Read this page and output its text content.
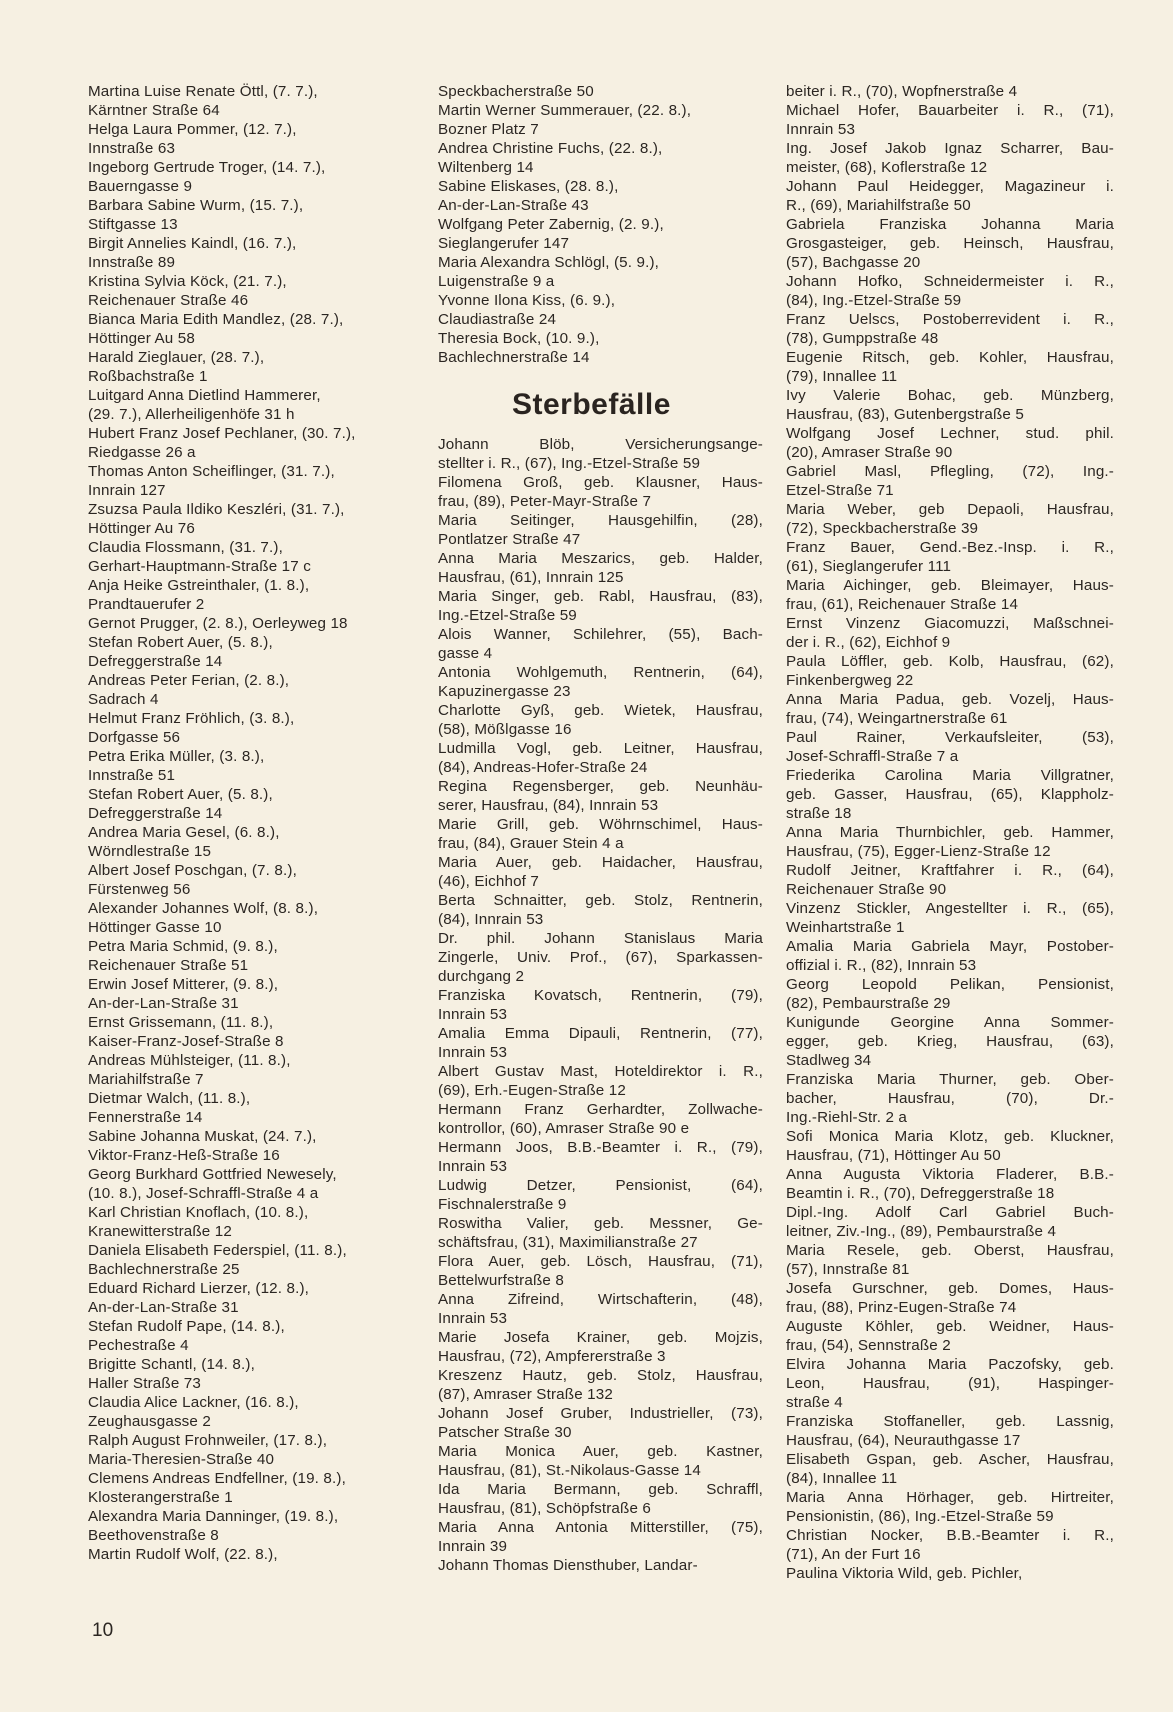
Martina Luise Renate Öttl, (7. 7.),
Kärntner Straße 64
Helga Laura Pommer, (12. 7.),
Innstraße 63
Ingeborg Gertrude Troger, (14. 7.),
Bauerngasse 9
Barbara Sabine Wurm, (15. 7.),
Stiftgasse 13
Birgit Annelies Kaindl, (16. 7.),
Innstraße 89
Kristina Sylvia Köck, (21. 7.),
Reichenauer Straße 46
Bianca Maria Edith Mandlez, (28. 7.),
Höttinger Au 58
Harald Zieglauer, (28. 7.),
Roßbachstraße 1
Luitgard Anna Dietlind Hammerer,
(29. 7.), Allerheiligenhöfe 31 h
Hubert Franz Josef Pechlaner, (30. 7.),
Riedgasse 26 a
Thomas Anton Scheiflinger, (31. 7.),
Innrain 127
Zsuzsa Paula Ildiko Keszléri, (31. 7.),
Höttinger Au 76
Claudia Flossmann, (31. 7.),
Gerhart-Hauptmann-Straße 17 c
Anja Heike Gstreinthaler, (1. 8.),
Prandtauerufer 2
Gernot Prugger, (2. 8.), Oerleyweg 18
Stefan Robert Auer, (5. 8.),
Defreggerstraße 14
Andreas Peter Ferian, (2. 8.),
Sadrach 4
Helmut Franz Fröhlich, (3. 8.),
Dorfgasse 56
Petra Erika Müller, (3. 8.),
Innstraße 51
Stefan Robert Auer, (5. 8.),
Defreggerstraße 14
Andrea Maria Gesel, (6. 8.),
Wörndlestraße 15
Albert Josef Poschgan, (7. 8.),
Fürstenweg 56
Alexander Johannes Wolf, (8. 8.),
Höttinger Gasse 10
Petra Maria Schmid, (9. 8.),
Reichenauer Straße 51
Erwin Josef Mitterer, (9. 8.),
An-der-Lan-Straße 31
Ernst Grissemann, (11. 8.),
Kaiser-Franz-Josef-Straße 8
Andreas Mühlsteiger, (11. 8.),
Mariahilfstraße 7
Dietmar Walch, (11. 8.),
Fennerstraße 14
Sabine Johanna Muskat, (24. 7.),
Viktor-Franz-Heß-Straße 16
Georg Burkhard Gottfried Newesely,
(10. 8.), Josef-Schraffl-Straße 4 a
Karl Christian Knoflach, (10. 8.),
Kranewitterstraße 12
Daniela Elisabeth Federspiel, (11. 8.),
Bachlechnerstraße 25
Eduard Richard Lierzer, (12. 8.),
An-der-Lan-Straße 31
Stefan Rudolf Pape, (14. 8.),
Pechestraße 4
Brigitte Schantl, (14. 8.),
Haller Straße 73
Claudia Alice Lackner, (16. 8.),
Zeughausgasse 2
Ralph August Frohnweiler, (17. 8.),
Maria-Theresien-Straße 40
Clemens Andreas Endfellner, (19. 8.),
Klosterangerstraße 1
Alexandra Maria Danninger, (19. 8.),
Beethovenstraße 8
Martin Rudolf Wolf, (22. 8.),
Speckbacherstraße 50
Martin Werner Summerauer, (22. 8.),
Bozner Platz 7
Andrea Christine Fuchs, (22. 8.),
Wiltenberg 14
Sabine Eliskases, (28. 8.),
An-der-Lan-Straße 43
Wolfgang Peter Zabernig, (2. 9.),
Sieglangerufer 147
Maria Alexandra Schlögl, (5. 9.),
Luigenstraße 9 a
Yvonne Ilona Kiss, (6. 9.),
Claudiastraße 24
Theresia Bock, (10. 9.),
Bachlechnerstraße 14
Sterbefälle
Johann Blöb, Versicherungsange-
stellter i. R., (67), Ing.-Etzel-Straße 59
Filomena Groß, geb. Klausner, Haus-
frau, (89), Peter-Mayr-Straße 7
Maria Seitinger, Hausgehilfin, (28),
Pontlatzer Straße 47
Anna Maria Meszarics, geb. Halder,
Hausfrau, (61), Innrain 125
Maria Singer, geb. Rabl, Hausfrau, (83),
Ing.-Etzel-Straße 59
Alois Wanner, Schilehrer, (55), Bach-
gasse 4
Antonia Wohlgemuth, Rentnerin, (64),
Kapuzinergasse 23
Charlotte Gyß, geb. Wietek, Hausfrau,
(58), Mößlgasse 16
Ludmilla Vogl, geb. Leitner, Hausfrau,
(84), Andreas-Hofer-Straße 24
Regina Regensberger, geb. Neunhäu-
serer, Hausfrau, (84), Innrain 53
Marie Grill, geb. Wöhrnschimel, Haus-
frau, (84), Grauer Stein 4 a
Maria Auer, geb. Haidacher, Hausfrau,
(46), Eichhof 7
Berta Schnaitter, geb. Stolz, Rentnerin,
(84), Innrain 53
Dr. phil. Johann Stanislaus Maria
Zingerle, Univ. Prof., (67), Sparkassen-
durchgang 2
Franziska Kovatsch, Rentnerin, (79),
Innrain 53
Amalia Emma Dipauli, Rentnerin, (77),
Innrain 53
Albert Gustav Mast, Hoteldirektor i. R.,
(69), Erh.-Eugen-Straße 12
Hermann Franz Gerhardter, Zollwache-
kontrollor, (60), Amraser Straße 90 e
Hermann Joos, B.B.-Beamter i. R., (79),
Innrain 53
Ludwig Detzer, Pensionist, (64),
Fischnalerstraße 9
Roswitha Valier, geb. Messner, Ge-
schäftsfrau, (31), Maximilianstraße 27
Flora Auer, geb. Lösch, Hausfrau, (71),
Bettelwurfstraße 8
Anna Zifreind, Wirtschafterin, (48),
Innrain 53
Marie Josefa Krainer, geb. Mojzis,
Hausfrau, (72), Ampfererstraße 3
Kreszenz Hautz, geb. Stolz, Hausfrau,
(87), Amraser Straße 132
Johann Josef Gruber, Industrieller, (73),
Patscher Straße 30
Maria Monica Auer, geb. Kastner,
Hausfrau, (81), St.-Nikolaus-Gasse 14
Ida Maria Bermann, geb. Schraffl,
Hausfrau, (81), Schöpfstraße 6
Maria Anna Antonia Mitterstiller, (75),
Innrain 39
Johann Thomas Diensthuber, Landar-
beiter i. R., (70), Wopfnerstraße 4
Michael Hofer, Bauarbeiter i. R., (71),
Innrain 53
Ing. Josef Jakob Ignaz Scharrer, Bau-
meister, (68), Koflerstraße 12
Johann Paul Heidegger, Magazineur i.
R., (69), Mariahilfstraße 50
Gabriela Franziska Johanna Maria
Grosgasteiger, geb. Heinsch, Hausfrau,
(57), Bachgasse 20
Johann Hofko, Schneidermeister i. R.,
(84), Ing.-Etzel-Straße 59
Franz Uelscs, Postoberrevident i. R.,
(78), Gumppstraße 48
Eugenie Ritsch, geb. Kohler, Hausfrau,
(79), Innallee 11
Ivy Valerie Bohac, geb. Münzberg,
Hausfrau, (83), Gutenbergstraße 5
Wolfgang Josef Lechner, stud. phil.
(20), Amraser Straße 90
Gabriel Masl, Pflegling, (72), Ing.-
Etzel-Straße 71
Maria Weber, geb Depaoli, Hausfrau,
(72), Speckbacherstraße 39
Franz Bauer, Gend.-Bez.-Insp. i. R.,
(61), Sieglangerufer 111
Maria Aichinger, geb. Bleimayer, Haus-
frau, (61), Reichenauer Straße 14
Ernst Vinzenz Giacomuzzi, Maßschnei-
der i. R., (62), Eichhof 9
Paula Löffler, geb. Kolb, Hausfrau, (62),
Finkenbergweg 22
Anna Maria Padua, geb. Vozelj, Haus-
frau, (74), Weingartnerstraße 61
Paul Rainer, Verkaufsleiter, (53),
Josef-Schraffl-Straße 7 a
Friederika Carolina Maria Villgratner,
geb. Gasser, Hausfrau, (65), Klappholz-
straße 18
Anna Maria Thurnbichler, geb. Hammer,
Hausfrau, (75), Egger-Lienz-Straße 12
Rudolf Jeitner, Kraftfahrer i. R., (64),
Reichenauer Straße 90
Vinzenz Stickler, Angestellter i. R., (65),
Weinhartstraße 1
Amalia Maria Gabriela Mayr, Postober-
offizial i. R., (82), Innrain 53
Georg Leopold Pelikan, Pensionist,
(82), Pembaurstraße 29
Kunigunde Georgine Anna Sommer-
egger, geb. Krieg, Hausfrau, (63),
Stadlweg 34
Franziska Maria Thurner, geb. Ober-
bacher, Hausfrau, (70), Dr.-
Ing.-Riehl-Str. 2 a
Sofi Monica Maria Klotz, geb. Kluckner,
Hausfrau, (71), Höttinger Au 50
Anna Augusta Viktoria Fladerer, B.B.-
Beamtin i. R., (70), Defreggerstraße 18
Dipl.-Ing. Adolf Carl Gabriel Buch-
leitner, Ziv.-Ing., (89), Pembaurstraße 4
Maria Resele, geb. Oberst, Hausfrau,
(57), Innstraße 81
Josefa Gurschner, geb. Domes, Haus-
frau, (88), Prinz-Eugen-Straße 74
Auguste Köhler, geb. Weidner, Haus-
frau, (54), Sennstraße 2
Elvira Johanna Maria Paczofsky, geb.
Leon, Hausfrau, (91), Haspinger-
straße 4
Franziska Stoffaneller, geb. Lassnig,
Hausfrau, (64), Neurauthgasse 17
Elisabeth Gspan, geb. Ascher, Hausfrau,
(84), Innallee 11
Maria Anna Hörhager, geb. Hirtreiter,
Pensionistin, (86), Ing.-Etzel-Straße 59
Christian Nocker, B.B.-Beamter i. R.,
(71), An der Furt 16
Paulina Viktoria Wild, geb. Pichler,
10
